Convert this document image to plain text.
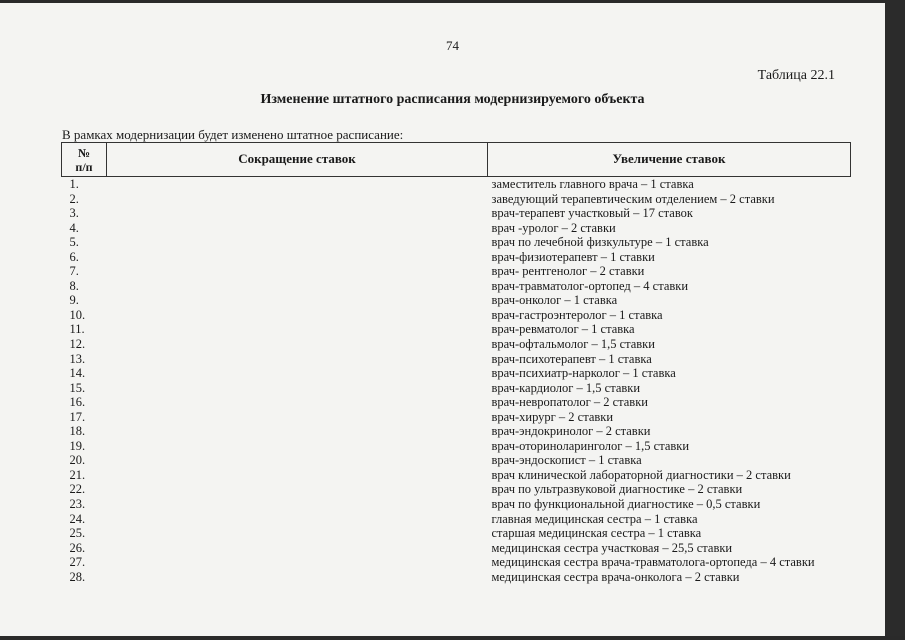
74
Таблица 22.1
Изменение штатного расписания модернизируемого объекта
В рамках модернизации будет изменено штатное расписание:
№
п/п	Сокращение ставок	Увеличение ставок
1.		заместитель главного врача – 1 ставка
2.		заведующий терапевтическим отделением – 2 ставки
3.		врач-терапевт участковый – 17 ставок
4.		врач -уролог – 2 ставки
5.		врач по лечебной физкультуре – 1 ставка
6.		врач-физиотерапевт – 1 ставки
7.		врач- рентгенолог – 2 ставки
8.		врач-травматолог-ортопед – 4 ставки
9.		врач-онколог – 1 ставка
10.		врач-гастроэнтеролог – 1 ставка
11.		врач-ревматолог – 1 ставка
12.		врач-офтальмолог – 1,5 ставки
13.		врач-психотерапевт – 1 ставка
14.		врач-психиатр-нарколог – 1 ставка
15.		врач-кардиолог – 1,5 ставки
16.		врач-невропатолог – 2 ставки
17.		врач-хирург – 2 ставки
18.		врач-эндокринолог – 2 ставки
19.		врач-оториноларинголог – 1,5 ставки
20.		врач-эндоскопист – 1 ставка
21.		врач клинической лабораторной диагностики – 2 ставки
22.		врач по ультразвуковой диагностике – 2 ставки
23.		врач по функциональной диагностике – 0,5 ставки
24.		главная медицинская сестра – 1 ставка
25.		старшая медицинская сестра – 1 ставка
26.		медицинская сестра участковая – 25,5 ставки
27.		медицинская сестра врача-травматолога-ортопеда – 4 ставки
28.		медицинская сестра врача-онколога – 2 ставки
